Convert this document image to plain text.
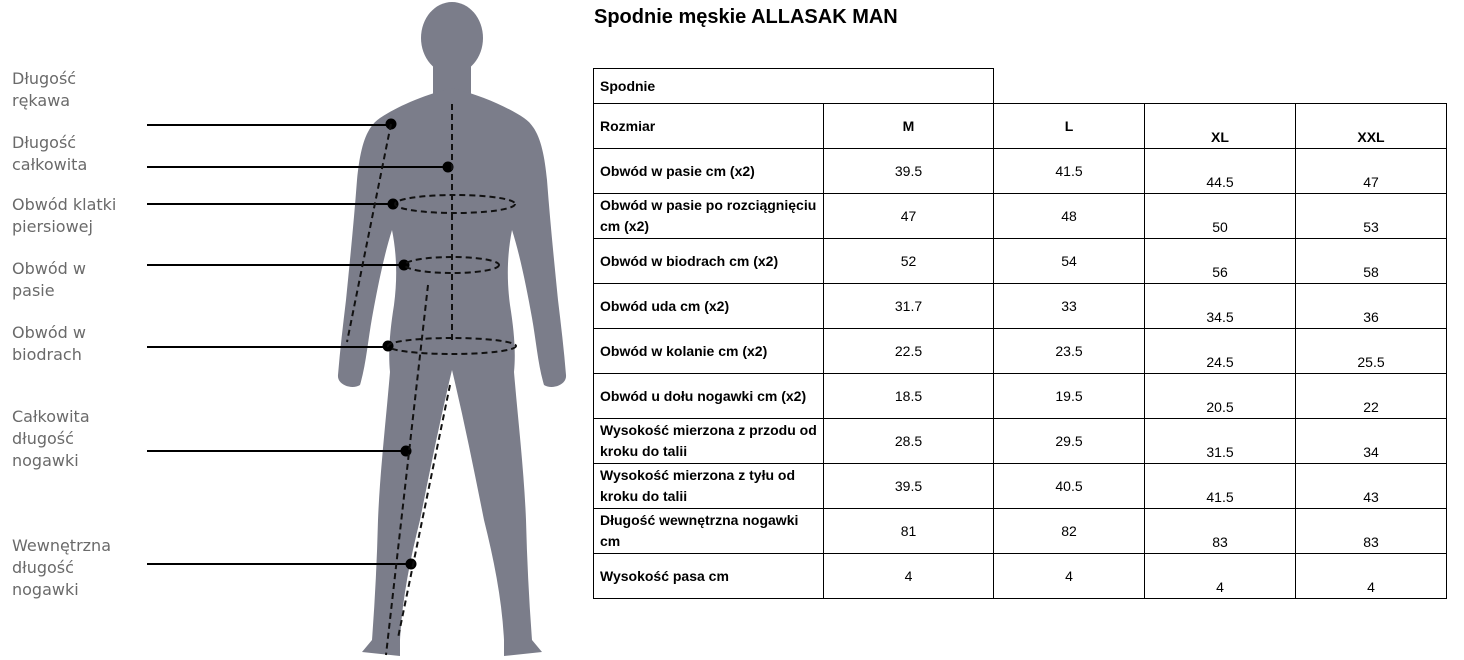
Długość
rękawa
Długość
całkowita
Obwód klatki
piersiowej
Obwód w
pasie
Obwód w
biodrach
Całkowita
długość
nogawki
Wewnętrzna
długość
nogawki
Spodnie męskie ALLASAK MAN
Spodnie				
Rozmiar	M	L	XL	XXL
Obwód w pasie cm (x2)	39.5	41.5	44.5	47
Obwód w pasie po rozciągnięciu cm (x2)	47	48	50	53
Obwód w biodrach cm (x2)	52	54	56	58
Obwód uda cm (x2)	31.7	33	34.5	36
Obwód w kolanie cm (x2)	22.5	23.5	24.5	25.5
Obwód u dołu nogawki cm (x2)	18.5	19.5	20.5	22
Wysokość mierzona z przodu od kroku do talii	28.5	29.5	31.5	34
Wysokość mierzona z tyłu od kroku do talii	39.5	40.5	41.5	43
Długość wewnętrzna nogawki cm	81	82	83	83
Wysokość pasa cm	4	4	4	4
